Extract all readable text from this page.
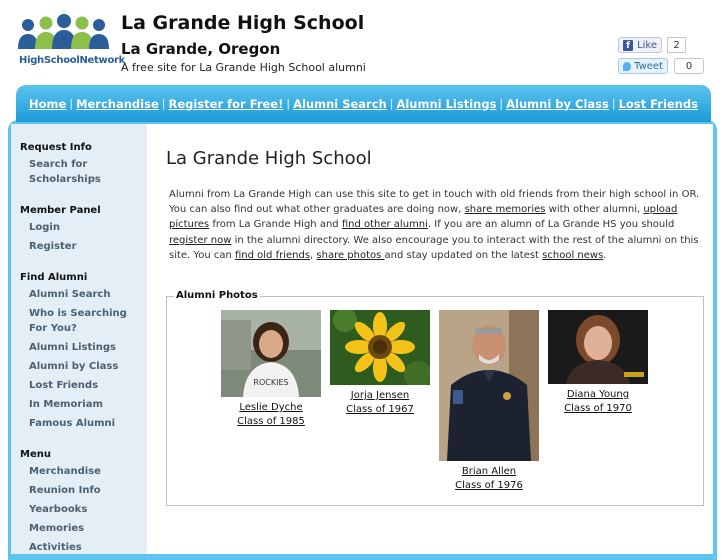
HighSchoolNetwork
La Grande High School
La Grande, Oregon
A free site for La Grande High School alumni
f Like	2
Tweet	0
Home | Merchandise | Register for Free! | Alumni Search | Alumni Listings | Alumni by Class | Lost Friends
Request Info
Search for Scholarships
Member Panel
Login
Register
Find Alumni
Alumni Search
Who is Searching For You?
Alumni Listings
Alumni by Class
Lost Friends
In Memoriam
Famous Alumni
Menu
Merchandise
Reunion Info
Yearbooks
Memories
Activities
La Grande High School
Alumni from La Grande High can use this site to get in touch with old friends from their high school in OR. You can also find out what other graduates are doing now, share memories with other alumni, upload pictures from La Grande High and find other alumni. If you are an alumn of La Grande HS you should register now in the alumni directory. We also encourage you to interact with the rest of the alumni on this site. You can find old friends, share photos and stay updated on the latest school news.
Alumni Photos
ROCKIES
Leslie Dyche
Class of 1985
Jorja Jensen
Class of 1967
Brian Allen
Class of 1976
Diana Young
Class of 1970
